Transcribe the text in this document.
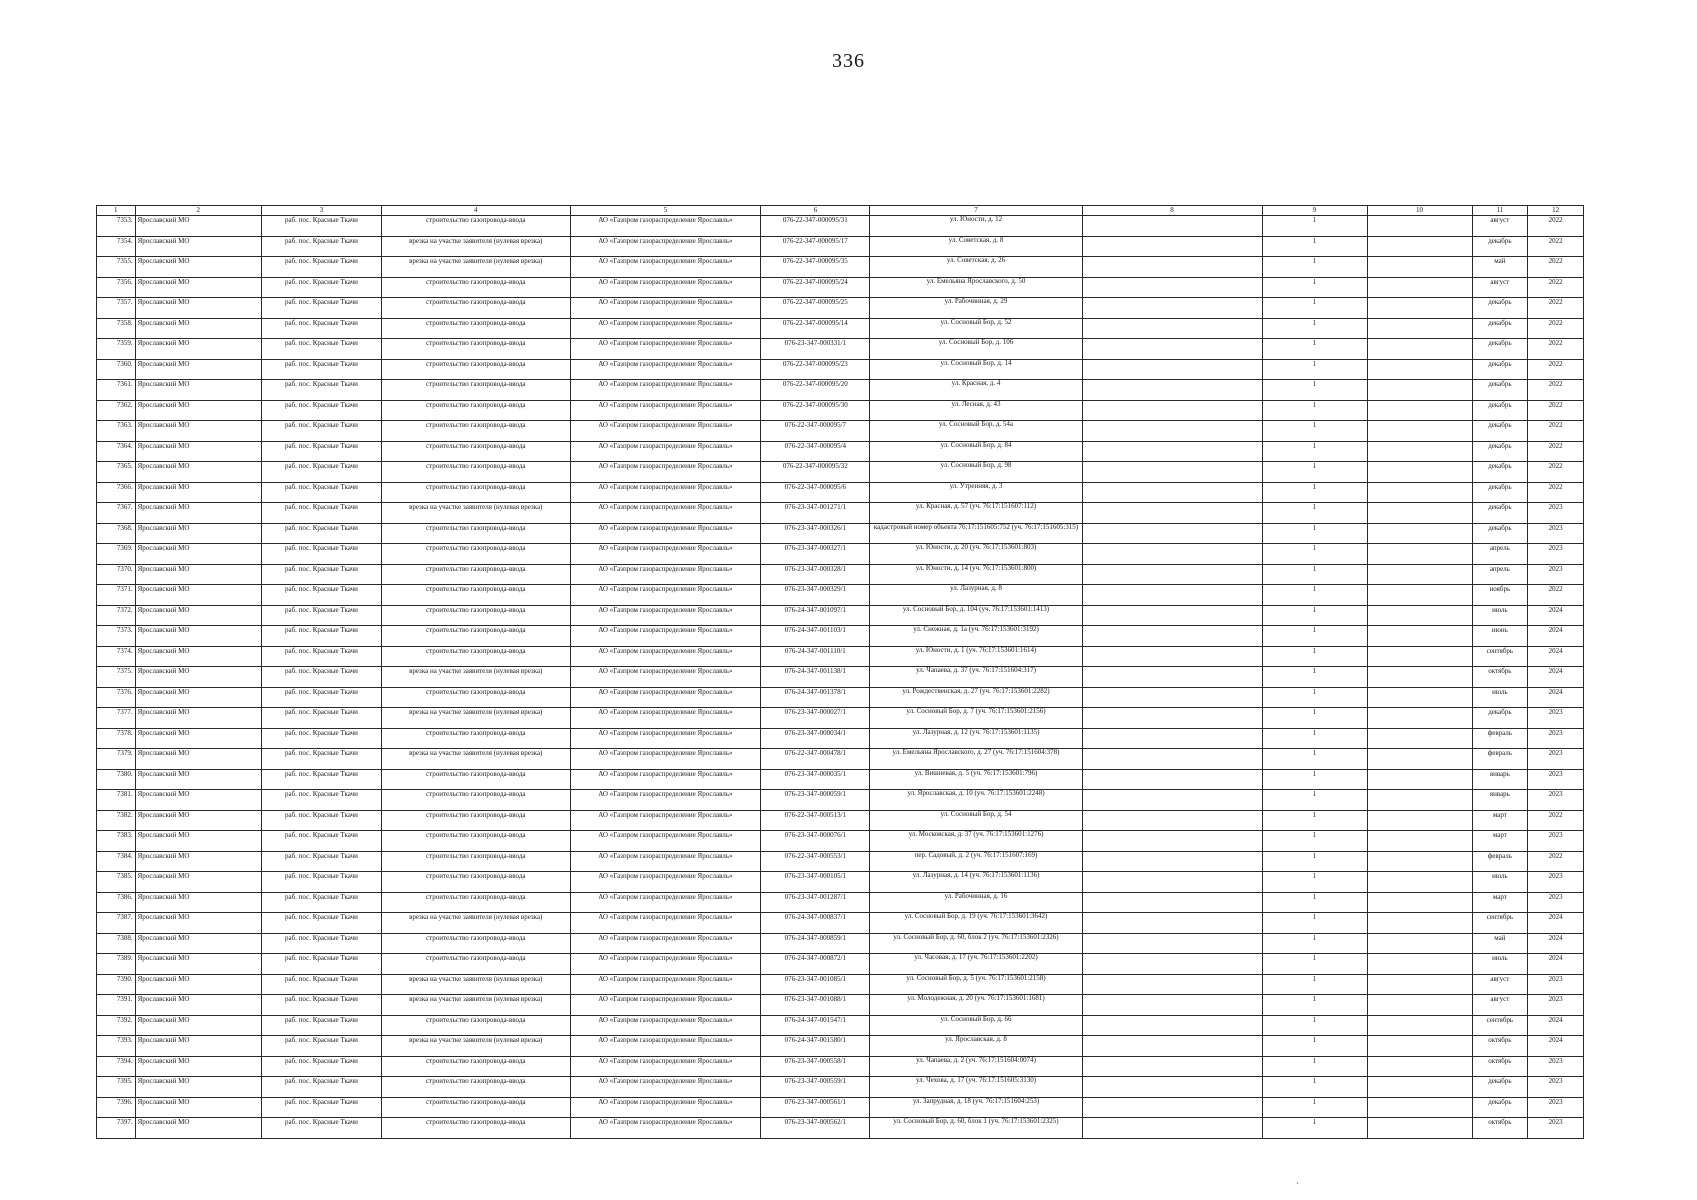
336
1	2	3	4	5	6	7	8	9	10	11	12
7353.	Ярославский МО	раб. пос. Красные Ткачи	строительство газопровода-ввода	АО «Газпром газораспределение Ярославль»	076-22-347-000095/31	ул. Юности, д. 12		1		август	2022
7354.	Ярославский МО	раб. пос. Красные Ткачи	врезка на участке заявителя (нулевая врезка)	АО «Газпром газораспределение Ярославль»	076-22-347-000095/17	ул. Советская, д. 8		1		декабрь	2022
7355.	Ярославский МО	раб. пос. Красные Ткачи	врезка на участке заявителя (нулевая врезка)	АО «Газпром газораспределение Ярославль»	076-22-347-000095/35	ул. Советская, д. 26		1		май	2022
7356.	Ярославский МО	раб. пос. Красные Ткачи	строительство газопровода-ввода	АО «Газпром газораспределение Ярославль»	076-22-347-000095/24	ул. Емельяна Ярославского, д. 50		1		август	2022
7357.	Ярославский МО	раб. пос. Красные Ткачи	строительство газопровода-ввода	АО «Газпром газораспределение Ярославль»	076-22-347-000095/25	ул. Рабочинная, д. 29		1		декабрь	2022
7358.	Ярославский МО	раб. пос. Красные Ткачи	строительство газопровода-ввода	АО «Газпром газораспределение Ярославль»	076-22-347-000095/14	ул. Сосновый Бор, д. 52		1		декабрь	2022
7359.	Ярославский МО	раб. пос. Красные Ткачи	строительство газопровода-ввода	АО «Газпром газораспределение Ярославль»	076-23-347-000331/1	ул. Сосновый Бор, д. 106		1		декабрь	2022
7360.	Ярославский МО	раб. пос. Красные Ткачи	строительство газопровода-ввода	АО «Газпром газораспределение Ярославль»	076-22-347-000095/23	ул. Сосновый Бор, д. 14		1		декабрь	2022
7361.	Ярославский МО	раб. пос. Красные Ткачи	строительство газопровода-ввода	АО «Газпром газораспределение Ярославль»	076-22-347-000095/20	ул. Красная, д. 4		1		декабрь	2022
7362.	Ярославский МО	раб. пос. Красные Ткачи	строительство газопровода-ввода	АО «Газпром газораспределение Ярославль»	076-22-347-000095/30	ул. Лесная, д. 43		1		декабрь	2022
7363.	Ярославский МО	раб. пос. Красные Ткачи	строительство газопровода-ввода	АО «Газпром газораспределение Ярославль»	076-22-347-000095/7	ул. Сосновый Бор, д. 54а		1		декабрь	2022
7364.	Ярославский МО	раб. пос. Красные Ткачи	строительство газопровода-ввода	АО «Газпром газораспределение Ярославль»	076-22-347-000095/4	ул. Сосновый Бор, д. 84		1		декабрь	2022
7365.	Ярославский МО	раб. пос. Красные Ткачи	строительство газопровода-ввода	АО «Газпром газораспределение Ярославль»	076-22-347-000095/32	ул. Сосновый Бор, д. 98		1		декабрь	2022
7366.	Ярославский МО	раб. пос. Красные Ткачи	строительство газопровода-ввода	АО «Газпром газораспределение Ярославль»	076-22-347-000095/6	ул. Утренняя, д. 3		1		декабрь	2022
7367.	Ярославский МО	раб. пос. Красные Ткачи	врезка на участке заявителя (нулевая врезка)	АО «Газпром газораспределение Ярославль»	076-23-347-001271/1	ул. Красная, д. 57 (уч. 76:17:151607:112)		1		декабрь	2023
7368.	Ярославский МО	раб. пос. Красные Ткачи	строительство газопровода-ввода	АО «Газпром газораспределение Ярославль»	076-23-347-000326/1	кадастровый номер объекта 76:17:151605:752 (уч. 76:17:151605:315)		1		декабрь	2023
7369.	Ярославский МО	раб. пос. Красные Ткачи	строительство газопровода-ввода	АО «Газпром газораспределение Ярославль»	076-23-347-000327/1	ул. Юности, д. 20 (уч. 76:17:153601:803)		1		апрель	2023
7370.	Ярославский МО	раб. пос. Красные Ткачи	строительство газопровода-ввода	АО «Газпром газораспределение Ярославль»	076-23-347-000328/1	ул. Юности, д. 14 (уч. 76:17:153601:800)		1		апрель	2023
7371.	Ярославский МО	раб. пос. Красные Ткачи	строительство газопровода-ввода	АО «Газпром газораспределение Ярославль»	076-23-347-000329/1	ул. Лазурная, д. 8		1		ноябрь	2022
7372.	Ярославский МО	раб. пос. Красные Ткачи	строительство газопровода-ввода	АО «Газпром газораспределение Ярославль»	076-24-347-001097/1	ул. Сосновый Бор, д. 104 (уч. 76:17:153601:1413)		1		июль	2024
7373.	Ярославский МО	раб. пос. Красные Ткачи	строительство газопровода-ввода	АО «Газпром газораспределение Ярославль»	076-24-347-001103/1	ул. Снежная, д. 1а (уч. 76:17:153601:3192)		1		июнь	2024
7374.	Ярославский МО	раб. пос. Красные Ткачи	строительство газопровода-ввода	АО «Газпром газораспределение Ярославль»	076-24-347-001110/1	ул. Юности, д. 1 (уч. 76:17:153601:1614)		1		сентябрь	2024
7375.	Ярославский МО	раб. пос. Красные Ткачи	врезка на участке заявителя (нулевая врезка)	АО «Газпром газораспределение Ярославль»	076-24-347-001138/1	ул. Чапаева, д. 37 (уч. 76:17:151604:317)		1		октябрь	2024
7376.	Ярославский МО	раб. пос. Красные Ткачи	строительство газопровода-ввода	АО «Газпром газораспределение Ярославль»	076-24-347-001378/1	ул. Рождественская, д. 27 (уч. 76:17:153601:2282)		1		июль	2024
7377.	Ярославский МО	раб. пос. Красные Ткачи	врезка на участке заявителя (нулевая врезка)	АО «Газпром газораспределение Ярославль»	076-23-347-000027/1	ул. Сосновый Бор, д. 7 (уч. 76:17:153601:2156)		1		декабрь	2023
7378.	Ярославский МО	раб. пос. Красные Ткачи	строительство газопровода-ввода	АО «Газпром газораспределение Ярославль»	076-23-347-000034/1	ул. Лазурная, д. 12 (уч. 76:17:153601:1135)		1		февраль	2023
7379.	Ярославский МО	раб. пос. Красные Ткачи	врезка на участке заявителя (нулевая врезка)	АО «Газпром газораспределение Ярославль»	076-22-347-000478/1	ул. Емельяна Ярославского, д. 27 (уч. 76:17:151604:378)		1		февраль	2023
7380.	Ярославский МО	раб. пос. Красные Ткачи	строительство газопровода-ввода	АО «Газпром газораспределение Ярославль»	076-23-347-000035/1	ул. Вишневая, д. 5 (уч. 76:17:153601:796)		1		январь	2023
7381.	Ярославский МО	раб. пос. Красные Ткачи	строительство газопровода-ввода	АО «Газпром газораспределение Ярославль»	076-23-347-000059/1	ул. Ярославская, д. 10 (уч. 76:17:153601:2248)		1		январь	2023
7382.	Ярославский МО	раб. пос. Красные Ткачи	строительство газопровода-ввода	АО «Газпром газораспределение Ярославль»	076-22-347-000513/1	ул. Сосновый Бор, д. 54		1		март	2022
7383.	Ярославский МО	раб. пос. Красные Ткачи	строительство газопровода-ввода	АО «Газпром газораспределение Ярославль»	076-23-347-000076/1	ул. Московская, д. 37 (уч. 76:17:153601:1276)		1		март	2023
7384.	Ярославский МО	раб. пос. Красные Ткачи	строительство газопровода-ввода	АО «Газпром газораспределение Ярославль»	076-22-347-000553/1	пер. Садовый, д. 2 (уч. 76:17:151607:169)		1		февраль	2022
7385.	Ярославский МО	раб. пос. Красные Ткачи	строительство газопровода-ввода	АО «Газпром газораспределение Ярославль»	076-23-347-000105/1	ул. Лазурная, д. 14 (уч. 76:17:153601:1136)		1		июль	2023
7386.	Ярославский МО	раб. пос. Красные Ткачи	строительство газопровода-ввода	АО «Газпром газораспределение Ярославль»	076-23-347-001287/1	ул. Рабочинная, д. 16		1		март	2023
7387.	Ярославский МО	раб. пос. Красные Ткачи	врезка на участке заявителя (нулевая врезка)	АО «Газпром газораспределение Ярославль»	076-24-347-000837/1	ул. Сосновый Бор, д. 19 (уч. 76:17:153601:3642)		1		сентябрь	2024
7388.	Ярославский МО	раб. пос. Красные Ткачи	строительство газопровода-ввода	АО «Газпром газораспределение Ярославль»	076-24-347-000859/1	ул. Сосновый Бор, д. 60, блок 2 (уч. 76:17:153601:2326)		1		май	2024
7389.	Ярославский МО	раб. пос. Красные Ткачи	строительство газопровода-ввода	АО «Газпром газораспределение Ярославль»	076-24-347-000872/1	ул. Часовая, д. 17 (уч. 76:17:153601:2202)		1		июль	2024
7390.	Ярославский МО	раб. пос. Красные Ткачи	врезка на участке заявителя (нулевая врезка)	АО «Газпром газораспределение Ярославль»	076-23-347-001085/1	ул. Сосновый Бор, д. 5 (уч. 76:17:153601:2158)		1		август	2023
7391.	Ярославский МО	раб. пос. Красные Ткачи	врезка на участке заявителя (нулевая врезка)	АО «Газпром газораспределение Ярославль»	076-23-347-001088/1	ул. Молодежная, д. 20 (уч. 76:17:153601:1681)		1		август	2023
7392.	Ярославский МО	раб. пос. Красные Ткачи	строительство газопровода-ввода	АО «Газпром газораспределение Ярославль»	076-24-347-001547/1	ул. Сосновый Бор, д. 66		1		сентябрь	2024
7393.	Ярославский МО	раб. пос. Красные Ткачи	врезка на участке заявителя (нулевая врезка)	АО «Газпром газораспределение Ярославль»	076-24-347-001580/1	ул. Ярославская, д. 8		1		октябрь	2024
7394.	Ярославский МО	раб. пос. Красные Ткачи	строительство газопровода-ввода	АО «Газпром газораспределение Ярославль»	076-23-347-000558/1	ул. Чапаева, д. 2 (уч. 76:17:151604:0074)		1		октябрь	2023
7395.	Ярославский МО	раб. пос. Красные Ткачи	строительство газопровода-ввода	АО «Газпром газораспределение Ярославль»	076-23-347-000559/1	ул. Чехова, д. 17 (уч. 76:17:151605:3130)		1		декабрь	2023
7396.	Ярославский МО	раб. пос. Красные Ткачи	строительство газопровода-ввода	АО «Газпром газораспределение Ярославль»	076-23-347-000561/1	ул. Запрудная, д. 18 (уч. 76:17:151604:253)		1		декабрь	2023
7397.	Ярославский МО	раб. пос. Красные Ткачи	строительство газопровода-ввода	АО «Газпром газораспределение Ярославль»	076-23-347-000562/1	ул. Сосновый Бор, д. 60, блок 1 (уч. 76:17:153601:2325)		1		октябрь	2023
ˎ
